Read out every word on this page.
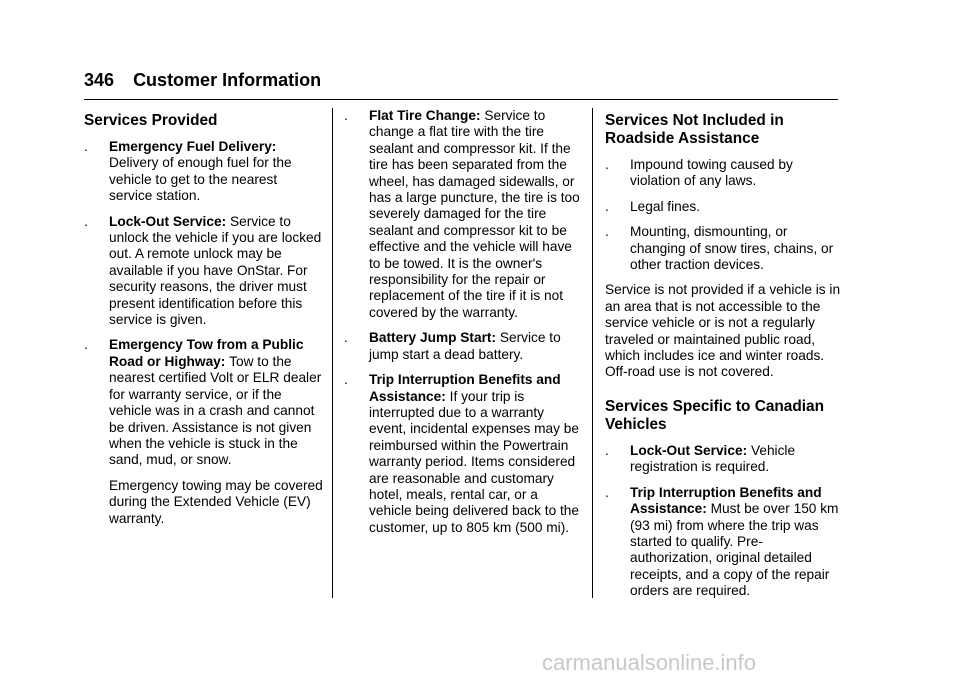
346 Customer Information
Services Provided
. Emergency Fuel Delivery: Delivery of enough fuel for the vehicle to get to the nearest service station.
. Lock-Out Service: Service to unlock the vehicle if you are locked out. A remote unlock may be available if you have OnStar. For security reasons, the driver must present identification before this service is given.
. Emergency Tow from a Public Road or Highway: Tow to the nearest certified Volt or ELR dealer for warranty service, or if the vehicle was in a crash and cannot be driven. Assistance is not given when the vehicle is stuck in the sand, mud, or snow.

Emergency towing may be covered during the Extended Vehicle (EV) warranty.

. Flat Tire Change: Service to change a flat tire with the tire sealant and compressor kit. If the tire has been separated from the wheel, has damaged sidewalls, or has a large puncture, the tire is too severely damaged for the tire sealant and compressor kit to be effective and the vehicle will have to be towed. It is the owner's responsibility for the repair or replacement of the tire if it is not covered by the warranty.
. Battery Jump Start: Service to jump start a dead battery.
. Trip Interruption Benefits and Assistance: If your trip is interrupted due to a warranty event, incidental expenses may be reimbursed within the Powertrain warranty period. Items considered are reasonable and customary hotel, meals, rental car, or a vehicle being delivered back to the customer, up to 805 km (500 mi).
Services Not Included in Roadside Assistance
. Impound towing caused by violation of any laws.
. Legal fines.
. Mounting, dismounting, or changing of snow tires, chains, or other traction devices.

Service is not provided if a vehicle is in an area that is not accessible to the service vehicle or is not a regularly traveled or maintained public road, which includes ice and winter roads. Off-road use is not covered.

Services Specific to Canadian Vehicles
. Lock-Out Service: Vehicle registration is required.
. Trip Interruption Benefits and Assistance: Must be over 150 km (93 mi) from where the trip was started to qualify. Pre-authorization, original detailed receipts, and a copy of the repair orders are required.
carmanualsonline.info
